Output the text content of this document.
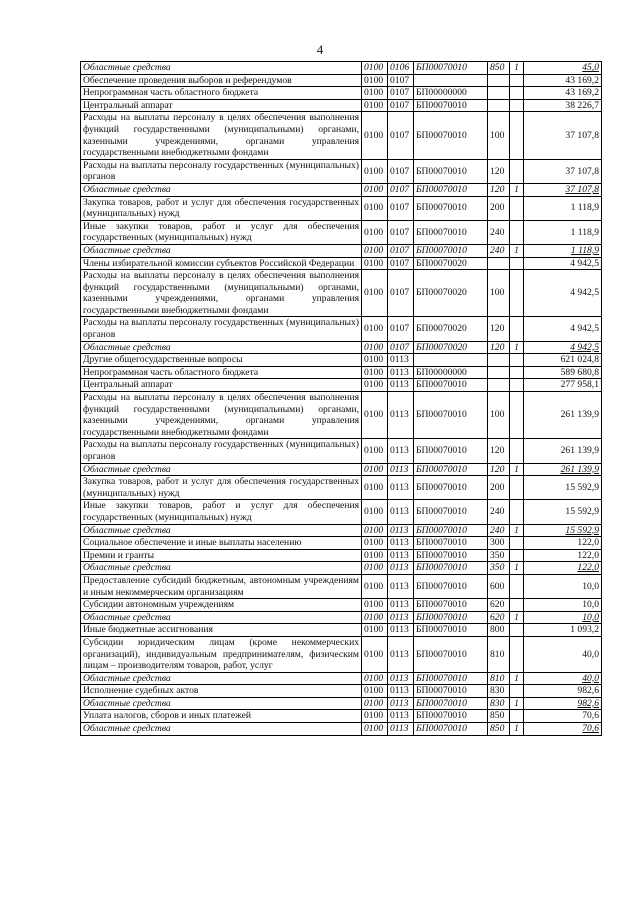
4
Областные средства	0100	0106	БП00070010	850	1	45,0
Обеспечение проведения выборов и референдумов	0100	0107				43 169,2
Непрограммная часть областного бюджета	0100	0107	БП00000000			43 169,2
Центральный аппарат	0100	0107	БП00070010			38 226,7
Расходы на выплаты персоналу в целях обеспечения выполнения функций государственными (муниципальными) органами, казенными учреждениями, органами управления государственными внебюджетными фондами	0100	0107	БП00070010	100		37 107,8
Расходы на выплаты персоналу государственных (муниципальных) органов	0100	0107	БП00070010	120		37 107,8
Областные средства	0100	0107	БП00070010	120	1	37 107,8
Закупка товаров, работ и услуг для обеспечения государственных (муниципальных) нужд	0100	0107	БП00070010	200		1 118,9
Иные закупки товаров, работ и услуг для обеспечения государственных (муниципальных) нужд	0100	0107	БП00070010	240		1 118,9
Областные средства	0100	0107	БП00070010	240	1	1 118,9
Члены избирательной комиссии субъектов Российской Федерации	0100	0107	БП00070020			4 942,5
Расходы на выплаты персоналу в целях обеспечения выполнения функций государственными (муниципальными) органами, казенными учреждениями, органами управления государственными внебюджетными фондами	0100	0107	БП00070020	100		4 942,5
Расходы на выплаты персоналу государственных (муниципальных) органов	0100	0107	БП00070020	120		4 942,5
Областные средства	0100	0107	БП00070020	120	1	4 942,5
Другие общегосударственные вопросы	0100	0113				621 024,8
Непрограммная часть областного бюджета	0100	0113	БП00000000			589 680,8
Центральный аппарат	0100	0113	БП00070010			277 958,1
Расходы на выплаты персоналу в целях обеспечения выполнения функций государственными (муниципальными) органами, казенными учреждениями, органами управления государственными внебюджетными фондами	0100	0113	БП00070010	100		261 139,9
Расходы на выплаты персоналу государственных (муниципальных) органов	0100	0113	БП00070010	120		261 139,9
Областные средства	0100	0113	БП00070010	120	1	261 139,9
Закупка товаров, работ и услуг для обеспечения государственных (муниципальных) нужд	0100	0113	БП00070010	200		15 592,9
Иные закупки товаров, работ и услуг для обеспечения государственных (муниципальных) нужд	0100	0113	БП00070010	240		15 592,9
Областные средства	0100	0113	БП00070010	240	1	15 592,9
Социальное обеспечение и иные выплаты населению	0100	0113	БП00070010	300		122,0
Премии и гранты	0100	0113	БП00070010	350		122,0
Областные средства	0100	0113	БП00070010	350	1	122,0
Предоставление субсидий бюджетным, автономным учреждениям и иным некоммерческим организациям	0100	0113	БП00070010	600		10,0
Субсидии автономным учреждениям	0100	0113	БП00070010	620		10,0
Областные средства	0100	0113	БП00070010	620	1	10,0
Иные бюджетные ассигнования	0100	0113	БП00070010	800		1 093,2
Субсидии юридическим лицам (кроме некоммерческих организаций), индивидуальным предпринимателям, физическим лицам – производителям товаров, работ, услуг	0100	0113	БП00070010	810		40,0
Областные средства	0100	0113	БП00070010	810	1	40,0
Исполнение судебных актов	0100	0113	БП00070010	830		982,6
Областные средства	0100	0113	БП00070010	830	1	982,6
Уплата налогов, сборов и иных платежей	0100	0113	БП00070010	850		70,6
Областные средства	0100	0113	БП00070010	850	1	70,6
